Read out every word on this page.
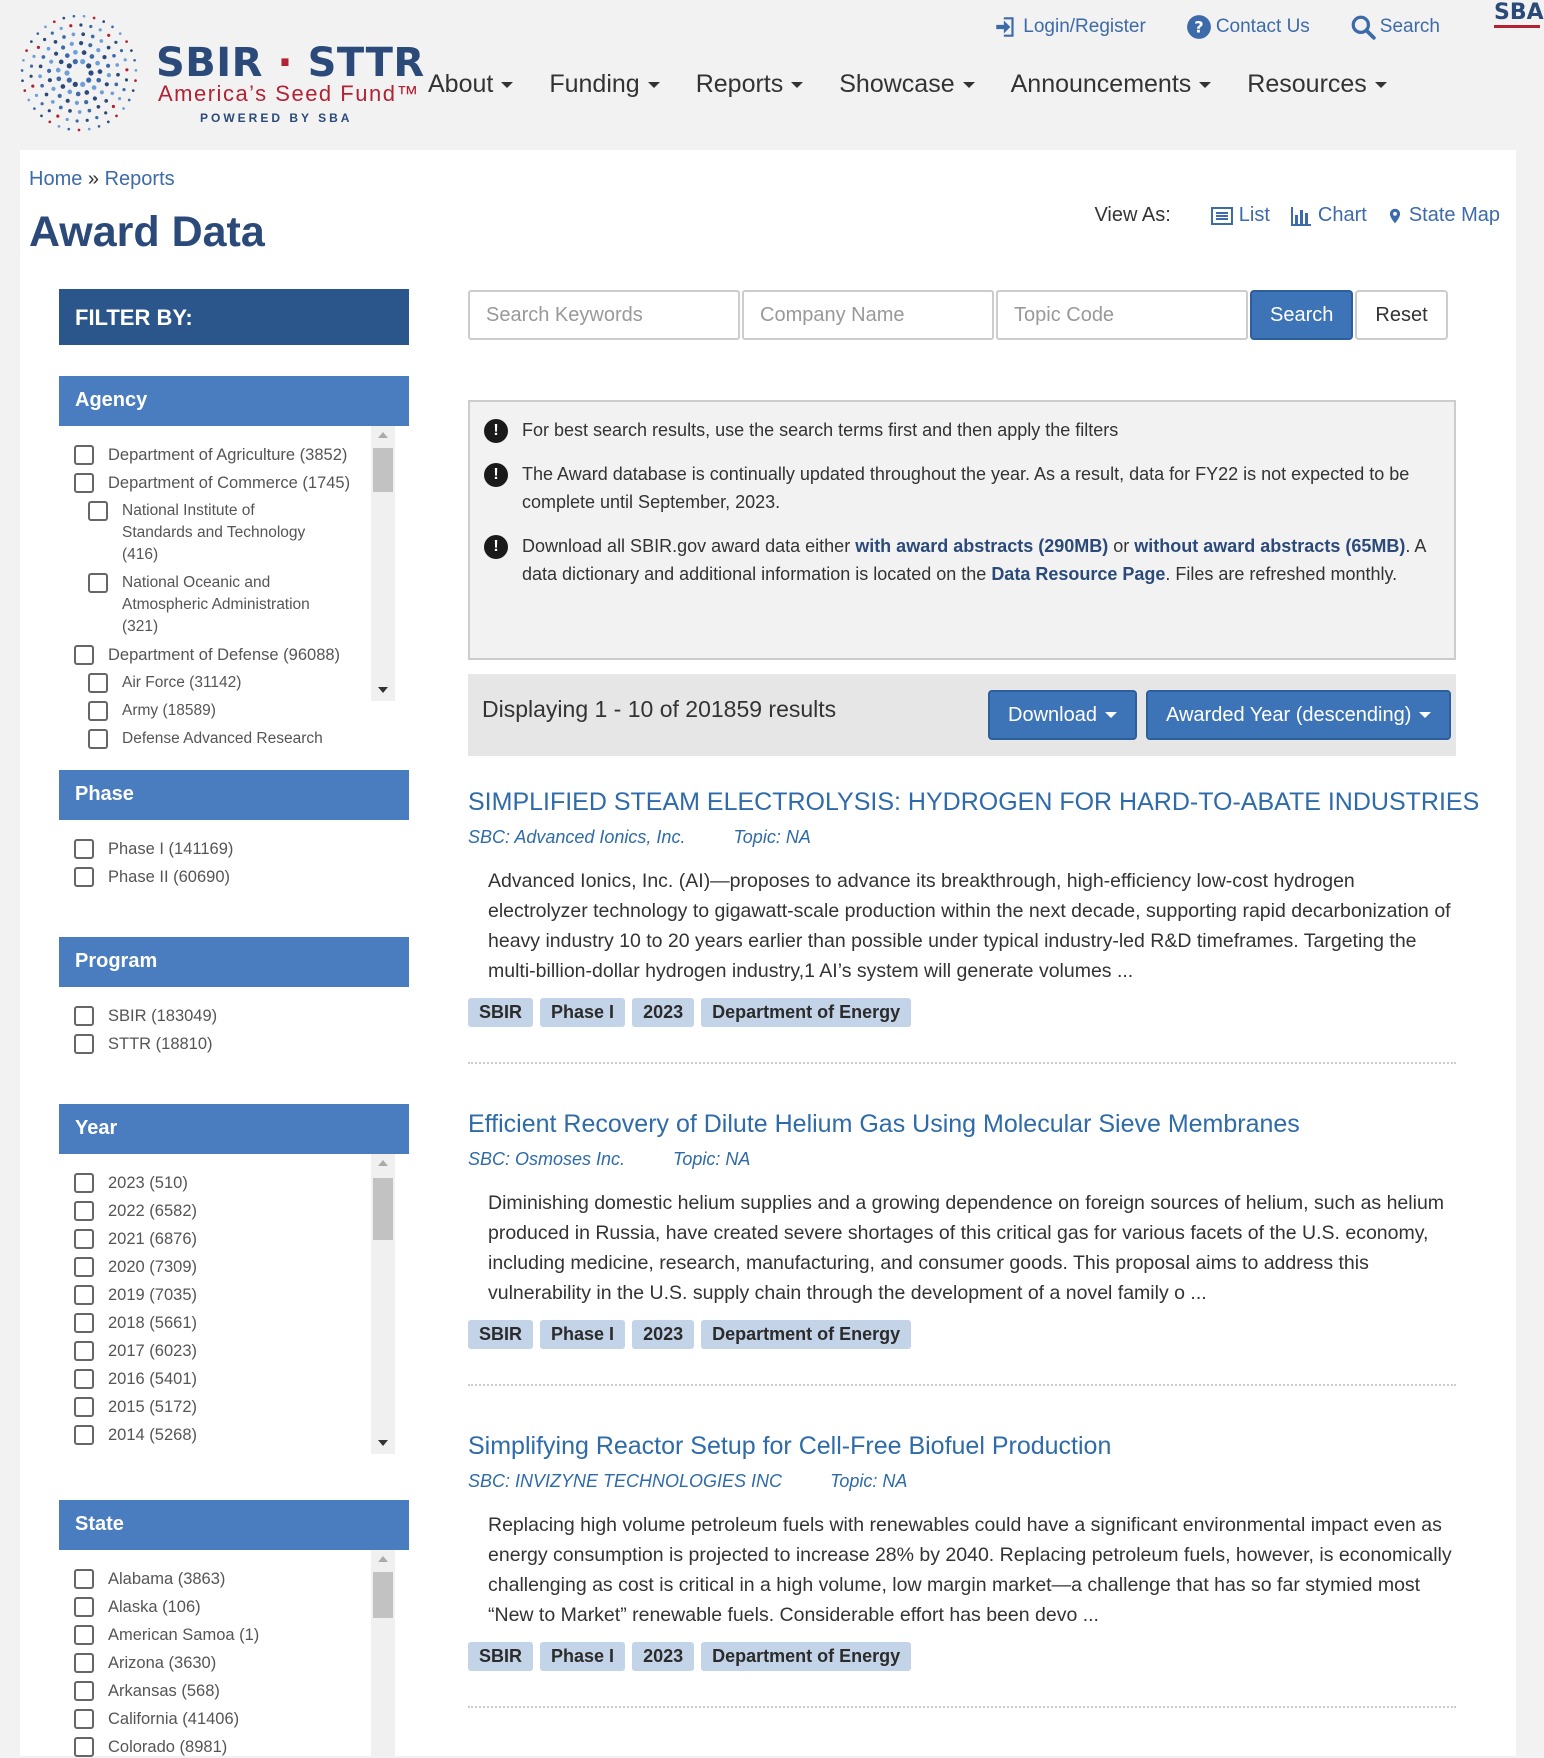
SBIR · STTR
America’s Seed Fund™
POWERED BY SBA
Login/Register	? Contact Us	Search
SBA
About Funding Reports Showcase Announcements Resources
Home » Reports
Award Data	View As:	List Chart State Map
FILTER BY:
Agency
Department of Agriculture (3852)
Department of Commerce (1745)
National Institute of Standards and Technology (416)
National Oceanic and Atmospheric Administration (321)
Department of Defense (96088)
Air Force (31142)
Army (18589)
Defense Advanced Research
Phase
Phase I (141169)
Phase II (60690)
Program
SBIR (183049)
STTR (18810)
Year
2023 (510)
2022 (6582)
2021 (6876)
2020 (7309)
2019 (7035)
2018 (5661)
2017 (6023)
2016 (5401)
2015 (5172)
2014 (5268)
State
Alabama (3863)
Alaska (106)
American Samoa (1)
Arizona (3630)
Arkansas (568)
California (41406)
Colorado (8981)
Search Keywords
Company Name
Topic Code
Search	Reset
!	For best search results, use the search terms first and then apply the filters
!	The Award database is continually updated throughout the year. As a result, data for FY22 is not expected to be complete until September, 2023.
!	Download all SBIR.gov award data either with award abstracts (290MB) or without award abstracts (65MB). A data dictionary and additional information is located on the Data Resource Page. Files are refreshed monthly.
Displaying 1 - 10 of 201859 results	Download	Awarded Year (descending)
SIMPLIFIED STEAM ELECTROLYSIS: HYDROGEN FOR HARD-TO-ABATE INDUSTRIES
SBC: Advanced Ionics, Inc.	Topic: NA
Advanced Ionics, Inc. (AI)—proposes to advance its breakthrough, high-efficiency low-cost hydrogen electrolyzer technology to gigawatt-scale production within the next decade, supporting rapid decarbonization of heavy industry 10 to 20 years earlier than possible under typical industry-led R&D timeframes. Targeting the multi-billion-dollar hydrogen industry,1 AI’s system will generate volumes ...
SBIR	Phase I	2023	Department of Energy
Efficient Recovery of Dilute Helium Gas Using Molecular Sieve Membranes
SBC: Osmoses Inc.	Topic: NA
Diminishing domestic helium supplies and a growing dependence on foreign sources of helium, such as helium produced in Russia, have created severe shortages of this critical gas for various facets of the U.S. economy, including medicine, research, manufacturing, and consumer goods. This proposal aims to address this vulnerability in the U.S. supply chain through the development of a novel family o ...
SBIR	Phase I	2023	Department of Energy
Simplifying Reactor Setup for Cell-Free Biofuel Production
SBC: INVIZYNE TECHNOLOGIES INC	Topic: NA
Replacing high volume petroleum fuels with renewables could have a significant environmental impact even as energy consumption is projected to increase 28% by 2040. Replacing petroleum fuels, however, is economically challenging as cost is critical in a high volume, low margin market—a challenge that has so far stymied most “New to Market” renewable fuels. Considerable effort has been devo ...
SBIR	Phase I	2023	Department of Energy
